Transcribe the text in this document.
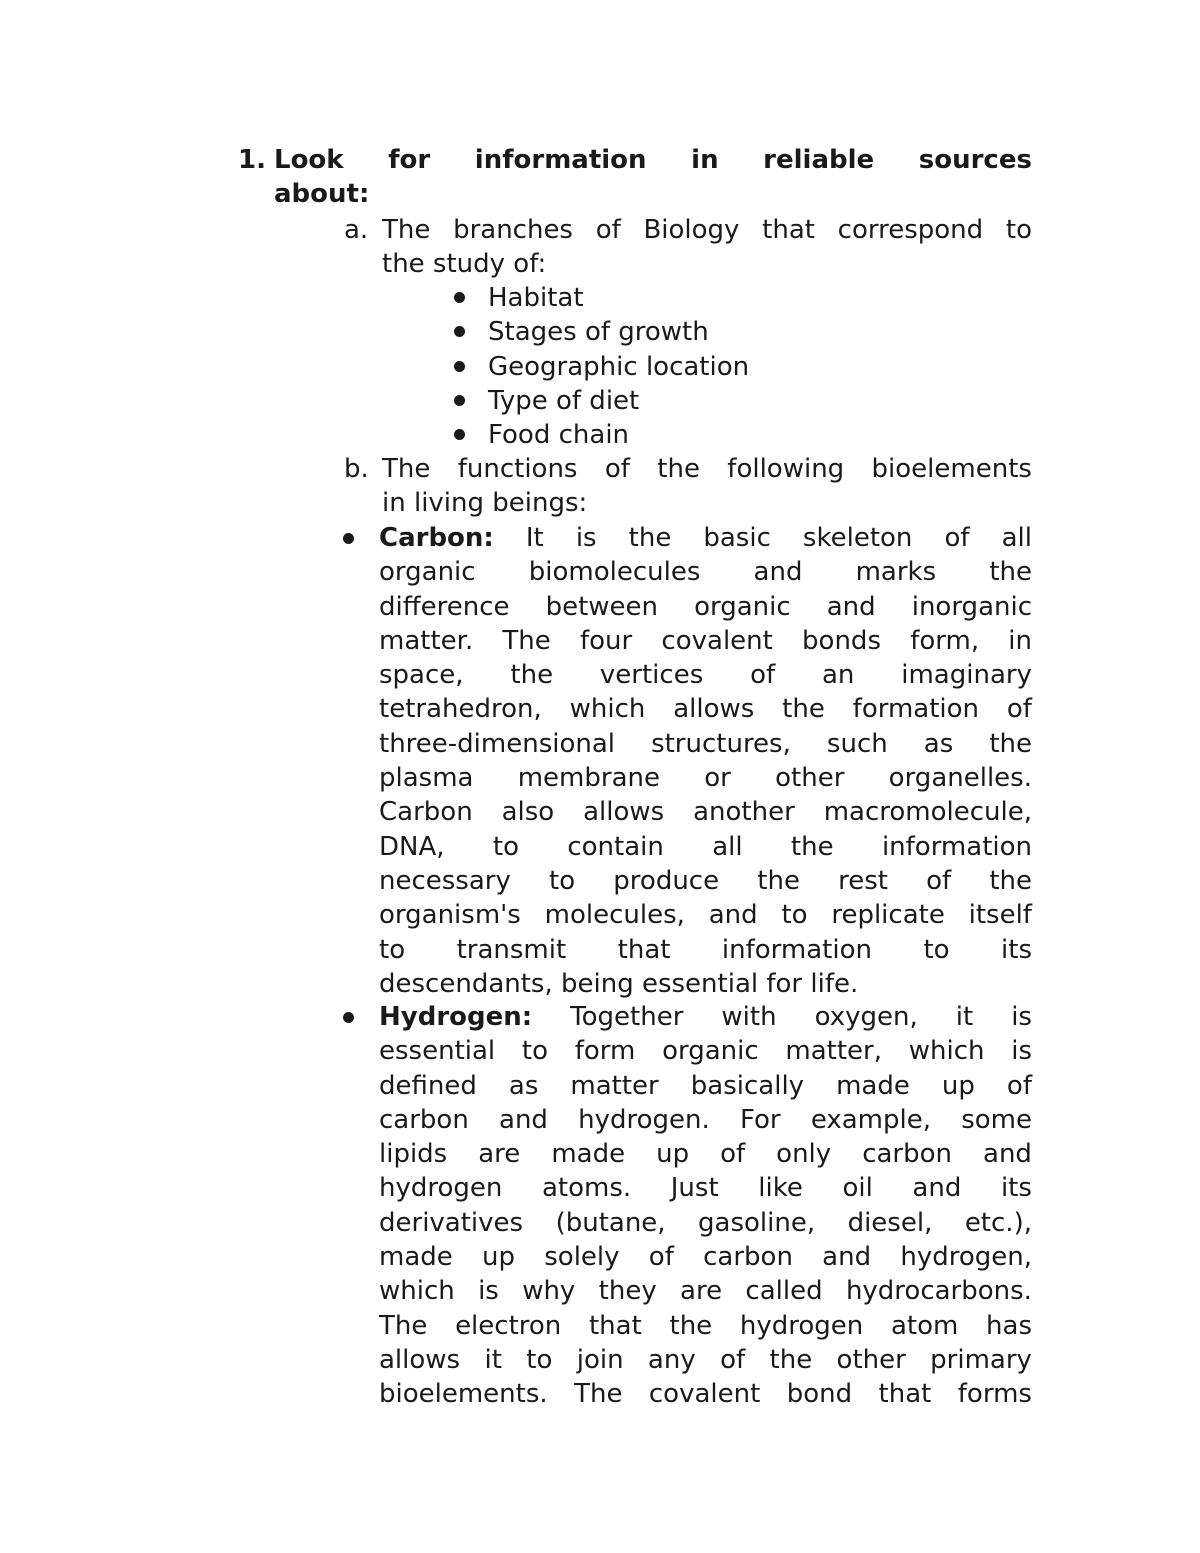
1. Look for information in reliable sources
about:
a. The branches of Biology that correspond to
the study of:
Habitat
Stages of growth
Geographic location
Type of diet
Food chain
b. The functions of the following bioelements
in living beings:
Carbon: It is the basic skeleton of all
organic biomolecules and marks the
difference between organic and inorganic
matter. The four covalent bonds form, in
space, the vertices of an imaginary
tetrahedron, which allows the formation of
three-dimensional structures, such as the
plasma membrane or other organelles.
Carbon also allows another macromolecule,
DNA, to contain all the information
necessary to produce the rest of the
organism's molecules, and to replicate itself
to transmit that information to its
descendants, being essential for life.
Hydrogen: Together with oxygen, it is
essential to form organic matter, which is
defined as matter basically made up of
carbon and hydrogen. For example, some
lipids are made up of only carbon and
hydrogen atoms. Just like oil and its
derivatives (butane, gasoline, diesel, etc.),
made up solely of carbon and hydrogen,
which is why they are called hydrocarbons.
The electron that the hydrogen atom has
allows it to join any of the other primary
bioelements. The covalent bond that forms
